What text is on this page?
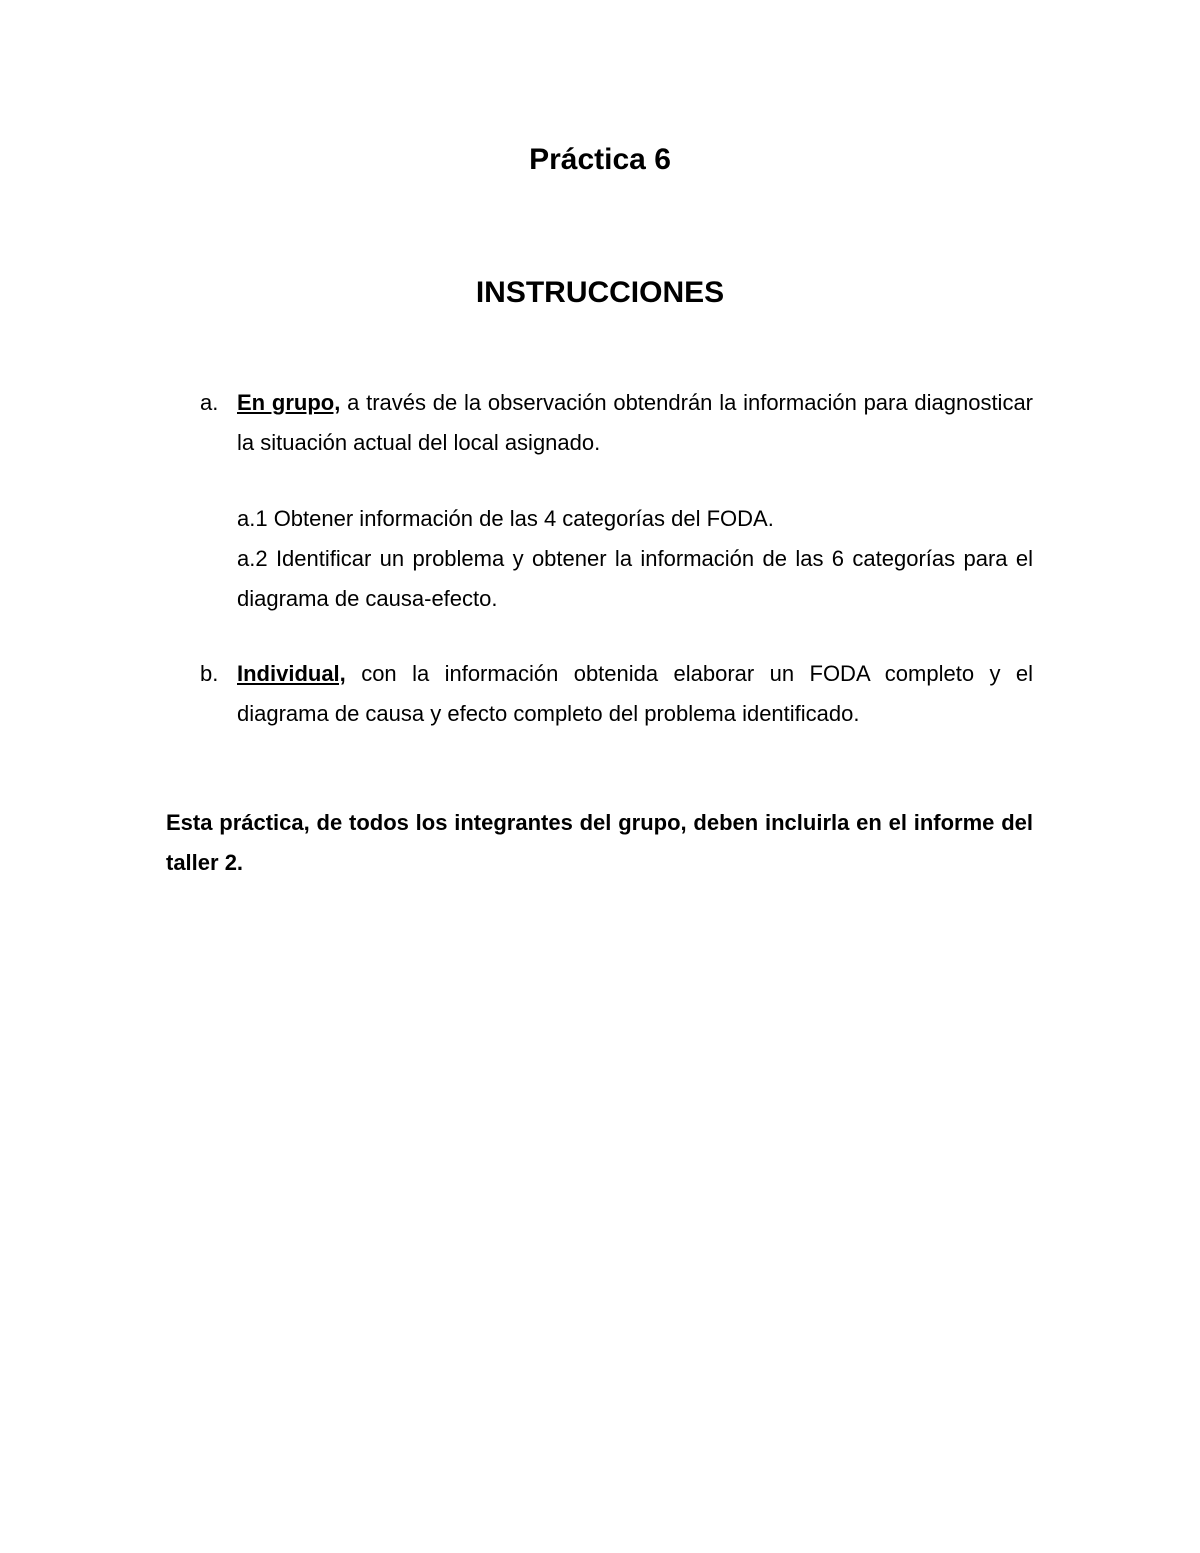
Práctica 6
INSTRUCCIONES
a. En grupo, a través de la observación obtendrán la información para diagnosticar la situación actual del local asignado.
a.1 Obtener información de las 4 categorías del FODA.
a.2 Identificar un problema y obtener la información de las 6 categorías para el diagrama de causa-efecto.
b. Individual, con la información obtenida elaborar un FODA completo y el diagrama de causa y efecto completo del problema identificado.
Esta práctica, de todos los integrantes del grupo, deben incluirla en el informe del taller 2.
